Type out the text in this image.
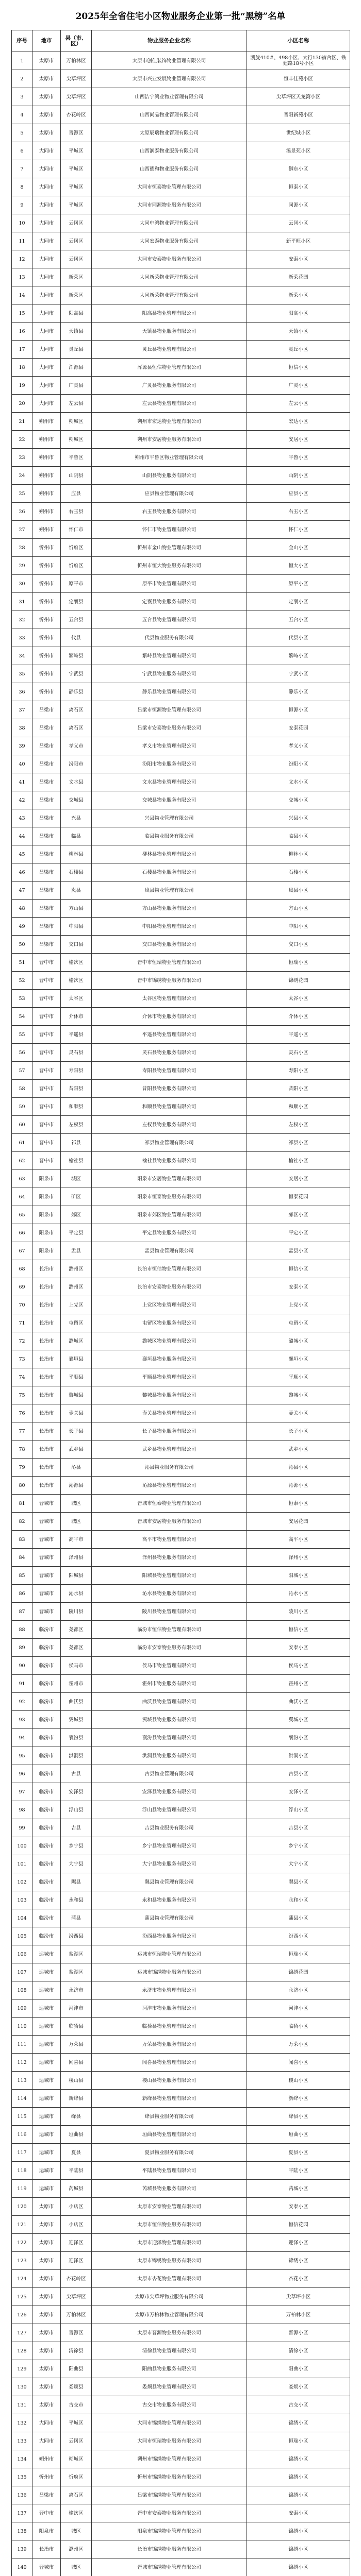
2025年全省住宅小区物业服务企业第一批“黑榜”名单
序号	地市	县（市、区）	物业服务企业名称	小区名称
1	太原市	万柏林区	太原市创佳装饰物业管理有限公司	凯旋410#、498小区、太行130宿舍区、铁建路18号小区
2	太原市	尖草坪区	太原市兴业发展物业管理有限公司	恒丰佳苑小区
3	太原市	尖草坪区	山西洁宁鸿业物业管理有限公司	尖草坪区天龙湾小区
4	太原市	杏花岭区	山西尚品物业管理有限公司	晋阳新苑小区
5	太原市	晋源区	太原辰瑞物业管理有限公司	世纪城小区
6	大同市	平城区	山西润泰物业服务有限公司	溪景苑小区
7	大同市	平城区	山西德和物业服务有限公司	御东小区
8	大同市	平城区	大同市恒泰物业管理有限公司	恒泰小区
9	大同市	平城区	大同市同源物业服务有限公司	同源小区
10	大同市	云冈区	大同中鸿物业管理有限公司	云冈小区
11	大同市	云冈区	大同宏泰物业服务有限公司	新平旺小区
12	大同市	云冈区	大同市安泰物业服务有限公司	安泰小区
13	大同市	新荣区	大同新荣物业管理有限公司	新荣花园
14	大同市	新荣区	大同新荣物业管理有限公司	新荣小区
15	大同市	阳高县	阳高县物业管理有限公司	阳高小区
16	大同市	天镇县	天镇县物业服务有限公司	天镇小区
17	大同市	灵丘县	灵丘县物业管理有限公司	灵丘小区
18	大同市	浑源县	浑源县恒信物业管理有限公司	恒信小区
19	大同市	广灵县	广灵县物业服务有限公司	广灵小区
20	大同市	左云县	左云县物业管理有限公司	左云小区
21	朔州市	朔城区	朔州市宏达物业管理有限公司	宏达小区
22	朔州市	朔城区	朔州市安居物业服务有限公司	安居小区
23	朔州市	平鲁区	朔州市平鲁区物业管理有限公司	平鲁小区
24	朔州市	山阴县	山阴县物业服务有限公司	山阴小区
25	朔州市	应县	应县物业管理有限公司	应县小区
26	朔州市	右玉县	右玉县物业服务有限公司	右玉小区
27	朔州市	怀仁市	怀仁市物业管理有限公司	怀仁小区
28	忻州市	忻府区	忻州市金山物业管理有限公司	金山小区
29	忻州市	忻府区	忻州市恒大物业服务有限公司	恒大小区
30	忻州市	原平市	原平市物业管理有限公司	原平小区
31	忻州市	定襄县	定襄县物业服务有限公司	定襄小区
32	忻州市	五台县	五台县物业管理有限公司	五台小区
33	忻州市	代县	代县物业服务有限公司	代县小区
34	忻州市	繁峙县	繁峙县物业管理有限公司	繁峙小区
35	忻州市	宁武县	宁武县物业服务有限公司	宁武小区
36	忻州市	静乐县	静乐县物业管理有限公司	静乐小区
37	吕梁市	离石区	吕梁市恒源物业管理有限公司	恒源小区
38	吕梁市	离石区	吕梁市安泰物业服务有限公司	安泰花园
39	吕梁市	孝义市	孝义市物业管理有限公司	孝义小区
40	吕梁市	汾阳市	汾阳市物业服务有限公司	汾阳小区
41	吕梁市	文水县	文水县物业管理有限公司	文水小区
42	吕梁市	交城县	交城县物业服务有限公司	交城小区
43	吕梁市	兴县	兴县物业管理有限公司	兴县小区
44	吕梁市	临县	临县物业服务有限公司	临县小区
45	吕梁市	柳林县	柳林县物业管理有限公司	柳林小区
46	吕梁市	石楼县	石楼县物业服务有限公司	石楼小区
47	吕梁市	岚县	岚县物业管理有限公司	岚县小区
48	吕梁市	方山县	方山县物业服务有限公司	方山小区
49	吕梁市	中阳县	中阳县物业管理有限公司	中阳小区
50	吕梁市	交口县	交口县物业服务有限公司	交口小区
51	晋中市	榆次区	晋中市恒瑞物业管理有限公司	恒瑞小区
52	晋中市	榆次区	晋中市锦绣物业服务有限公司	锦绣花园
53	晋中市	太谷区	太谷区物业管理有限公司	太谷小区
54	晋中市	介休市	介休市物业服务有限公司	介休小区
55	晋中市	平遥县	平遥县物业管理有限公司	平遥小区
56	晋中市	灵石县	灵石县物业服务有限公司	灵石小区
57	晋中市	寿阳县	寿阳县物业管理有限公司	寿阳小区
58	晋中市	昔阳县	昔阳县物业服务有限公司	昔阳小区
59	晋中市	和顺县	和顺县物业管理有限公司	和顺小区
60	晋中市	左权县	左权县物业服务有限公司	左权小区
61	晋中市	祁县	祁县物业管理有限公司	祁县小区
62	晋中市	榆社县	榆社县物业服务有限公司	榆社小区
63	阳泉市	城区	阳泉市安居物业管理有限公司	安居小区
64	阳泉市	矿区	阳泉市恒泰物业服务有限公司	恒泰花园
65	阳泉市	郊区	阳泉市郊区物业管理有限公司	郊区小区
66	阳泉市	平定县	平定县物业服务有限公司	平定小区
67	阳泉市	盂县	盂县物业管理有限公司	盂县小区
68	长治市	潞州区	长治市恒信物业管理有限公司	恒信小区
69	长治市	潞州区	长治市安泰物业服务有限公司	安泰小区
70	长治市	上党区	上党区物业管理有限公司	上党小区
71	长治市	屯留区	屯留区物业服务有限公司	屯留小区
72	长治市	潞城区	潞城区物业管理有限公司	潞城小区
73	长治市	襄垣县	襄垣县物业服务有限公司	襄垣小区
74	长治市	平顺县	平顺县物业管理有限公司	平顺小区
75	长治市	黎城县	黎城县物业服务有限公司	黎城小区
76	长治市	壶关县	壶关县物业管理有限公司	壶关小区
77	长治市	长子县	长子县物业服务有限公司	长子小区
78	长治市	武乡县	武乡县物业管理有限公司	武乡小区
79	长治市	沁县	沁县物业服务有限公司	沁县小区
80	长治市	沁源县	沁源县物业管理有限公司	沁源小区
81	晋城市	城区	晋城市恒泰物业管理有限公司	恒泰小区
82	晋城市	城区	晋城市安居物业服务有限公司	安居花园
83	晋城市	高平市	高平市物业管理有限公司	高平小区
84	晋城市	泽州县	泽州县物业服务有限公司	泽州小区
85	晋城市	阳城县	阳城县物业管理有限公司	阳城小区
86	晋城市	沁水县	沁水县物业服务有限公司	沁水小区
87	晋城市	陵川县	陵川县物业管理有限公司	陵川小区
88	临汾市	尧都区	临汾市恒信物业管理有限公司	恒信小区
89	临汾市	尧都区	临汾市安泰物业服务有限公司	安泰小区
90	临汾市	侯马市	侯马市物业管理有限公司	侯马小区
91	临汾市	霍州市	霍州市物业服务有限公司	霍州小区
92	临汾市	曲沃县	曲沃县物业管理有限公司	曲沃小区
93	临汾市	翼城县	翼城县物业服务有限公司	翼城小区
94	临汾市	襄汾县	襄汾县物业管理有限公司	襄汾小区
95	临汾市	洪洞县	洪洞县物业服务有限公司	洪洞小区
96	临汾市	古县	古县物业管理有限公司	古县小区
97	临汾市	安泽县	安泽县物业服务有限公司	安泽小区
98	临汾市	浮山县	浮山县物业管理有限公司	浮山小区
99	临汾市	吉县	吉县物业服务有限公司	吉县小区
100	临汾市	乡宁县	乡宁县物业管理有限公司	乡宁小区
101	临汾市	大宁县	大宁县物业服务有限公司	大宁小区
102	临汾市	隰县	隰县物业管理有限公司	隰县小区
103	临汾市	永和县	永和县物业服务有限公司	永和小区
104	临汾市	蒲县	蒲县物业管理有限公司	蒲县小区
105	临汾市	汾西县	汾西县物业服务有限公司	汾西小区
106	运城市	盐湖区	运城市恒瑞物业管理有限公司	恒瑞小区
107	运城市	盐湖区	运城市锦绣物业服务有限公司	锦绣花园
108	运城市	永济市	永济市物业管理有限公司	永济小区
109	运城市	河津市	河津市物业服务有限公司	河津小区
110	运城市	临猗县	临猗县物业管理有限公司	临猗小区
111	运城市	万荣县	万荣县物业服务有限公司	万荣小区
112	运城市	闻喜县	闻喜县物业管理有限公司	闻喜小区
113	运城市	稷山县	稷山县物业服务有限公司	稷山小区
114	运城市	新绛县	新绛县物业管理有限公司	新绛小区
115	运城市	绛县	绛县物业服务有限公司	绛县小区
116	运城市	垣曲县	垣曲县物业管理有限公司	垣曲小区
117	运城市	夏县	夏县物业服务有限公司	夏县小区
118	运城市	平陆县	平陆县物业管理有限公司	平陆小区
119	运城市	芮城县	芮城县物业服务有限公司	芮城小区
120	太原市	小店区	太原市安泰物业管理有限公司	安泰小区
121	太原市	小店区	太原市恒信物业服务有限公司	恒信花园
122	太原市	迎泽区	太原市迎泽物业管理有限公司	迎泽小区
123	太原市	迎泽区	太原市锦绣物业服务有限公司	锦绣小区
124	太原市	杏花岭区	太原市杏花物业管理有限公司	杏花小区
125	太原市	尖草坪区	太原市尖草坪物业服务有限公司	尖草坪小区
126	太原市	万柏林区	太原市万柏林物业管理有限公司	万柏林小区
127	太原市	晋源区	太原市晋源物业服务有限公司	晋源小区
128	太原市	清徐县	清徐县物业管理有限公司	清徐小区
129	太原市	阳曲县	阳曲县物业服务有限公司	阳曲小区
130	太原市	娄烦县	娄烦县物业管理有限公司	娄烦小区
131	太原市	古交市	古交市物业服务有限公司	古交小区
132	大同市	平城区	大同市锦绣物业管理有限公司	锦绣小区
133	大同市	云冈区	大同市恒瑞物业服务有限公司	恒瑞小区
134	朔州市	朔城区	朔州市锦绣物业管理有限公司	锦绣小区
135	忻州市	忻府区	忻州市锦绣物业服务有限公司	锦绣小区
136	吕梁市	离石区	吕梁市锦绣物业管理有限公司	锦绣小区
137	晋中市	榆次区	晋中市安泰物业服务有限公司	安泰小区
138	阳泉市	城区	阳泉市锦绣物业管理有限公司	锦绣小区
139	长治市	潞州区	长治市锦绣物业服务有限公司	锦绣小区
140	晋城市	城区	晋城市锦绣物业管理有限公司	锦绣小区
